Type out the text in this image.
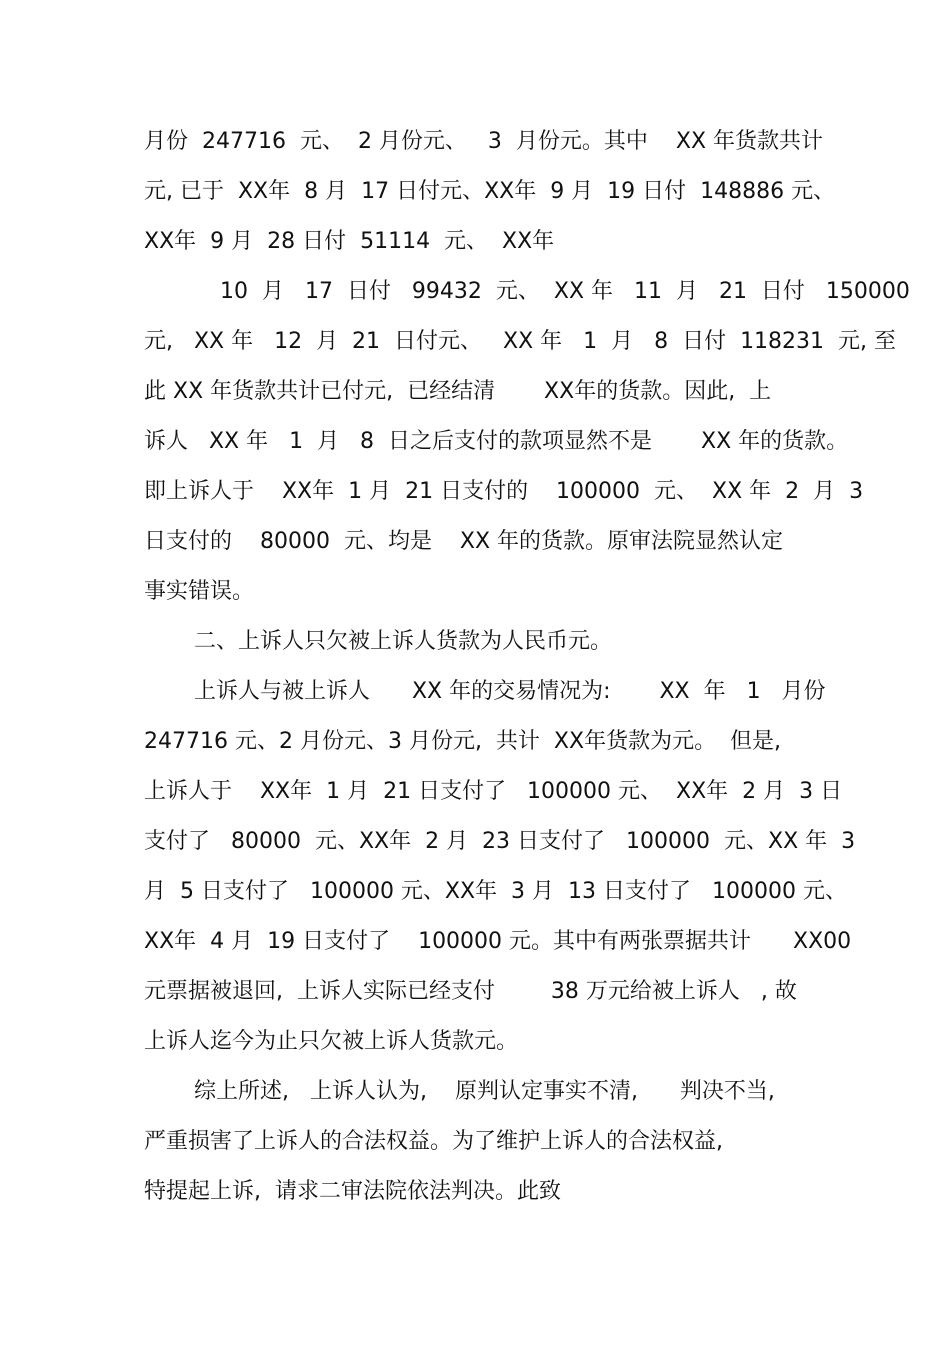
月份  247716  元、  2 月份元、   3  月份元。其中    XX 年货款共计
元, 已于  XX年  8 月  17 日付元、XX年  9 月  19 日付  148886 元、
XX年  9 月  28 日付  51114  元、  XX年
10  月   17  日付   99432  元、  XX 年   11  月   21  日付   150000
元,   XX 年   12  月  21  日付元、   XX 年   1  月   8  日付  118231  元, 至
此 XX 年货款共计已付元,  已经结清       XX年的货款。因此,  上
诉人   XX 年   1  月   8  日之后支付的款项显然不是       XX 年的货款。
即上诉人于    XX年  1 月  21 日支付的    100000  元、  XX 年  2  月  3
日支付的    80000  元、均是    XX 年的货款。原审法院显然认定
事实错误。
二、上诉人只欠被上诉人货款为人民币元。
上诉人与被上诉人      XX 年的交易情况为:       XX  年   1   月份
247716 元、2 月份元、3 月份元,  共计  XX年货款为元。  但是,
上诉人于    XX年  1 月  21 日支付了   100000 元、  XX年  2 月  3 日
支付了   80000  元、XX年  2 月  23 日支付了   100000  元、XX 年  3
月  5 日支付了   100000 元、XX年  3 月  13 日支付了   100000 元、
XX年  4 月  19 日支付了    100000 元。其中有两张票据共计      XX00
元票据被退回,  上诉人实际已经支付        38 万元给被上诉人   , 故
上诉人迄今为止只欠被上诉人货款元。
综上所述,   上诉人认为,    原判认定事实不清,      判决不当,
严重损害了上诉人的合法权益。为了维护上诉人的合法权益,
特提起上诉,  请求二审法院依法判决。此致
